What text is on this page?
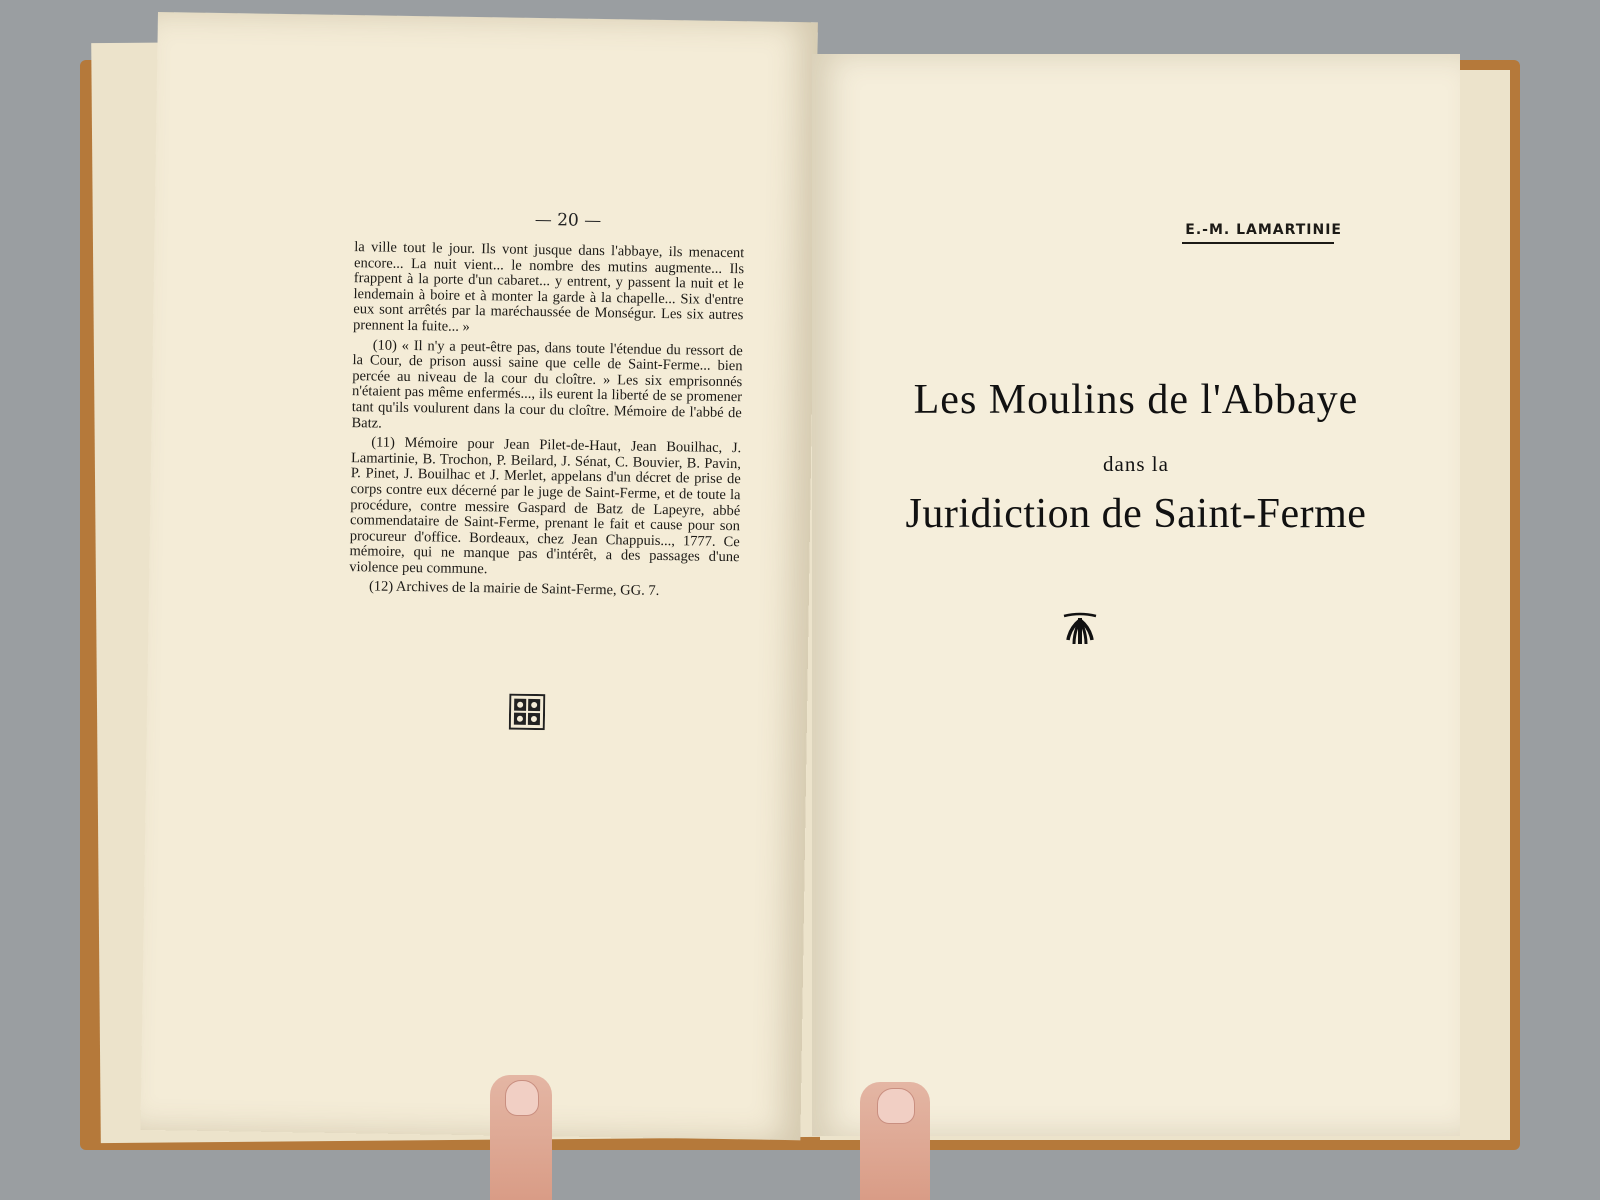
— 20 —

la ville tout le jour. Ils vont jusque dans l'abbaye, ils menacent encore... La nuit vient... le nombre des mutins augmente... Ils frappent à la porte d'un cabaret... y entrent, y passent la nuit et le lendemain à boire et à monter la garde à la chapelle... Six d'entre eux sont arrêtés par la maréchaussée de Monségur. Les six autres prennent la fuite... »

(10) « Il n'y a peut-être pas, dans toute l'étendue du ressort de la Cour, de prison aussi saine que celle de Saint-Ferme... bien percée au niveau de la cour du cloître. » Les six emprisonnés n'étaient pas même enfermés..., ils eurent la liberté de se promener tant qu'ils voulurent dans la cour du cloître. Mémoire de l'abbé de Batz.

(11) Mémoire pour Jean Pilet-de-Haut, Jean Bouilhac, J. Lamartinie, B. Trochon, P. Beilard, J. Sénat, C. Bouvier, B. Pavin, P. Pinet, J. Bouilhac et J. Merlet, appelans d'un décret de prise de corps contre eux décerné par le juge de Saint-Ferme, et de toute la procédure, contre messire Gaspard de Batz de Lapeyre, abbé commendataire de Saint-Ferme, prenant le fait et cause pour son procureur d'office. Bordeaux, chez Jean Chappuis..., 1777. Ce mémoire, qui ne manque pas d'intérêt, a des passages d'une violence peu commune.

(12) Archives de la mairie de Saint-Ferme, GG. 7.

E.-M. LAMARTINIE
Les Moulins de l'Abbaye
dans la
Juridiction de Saint-Ferme
